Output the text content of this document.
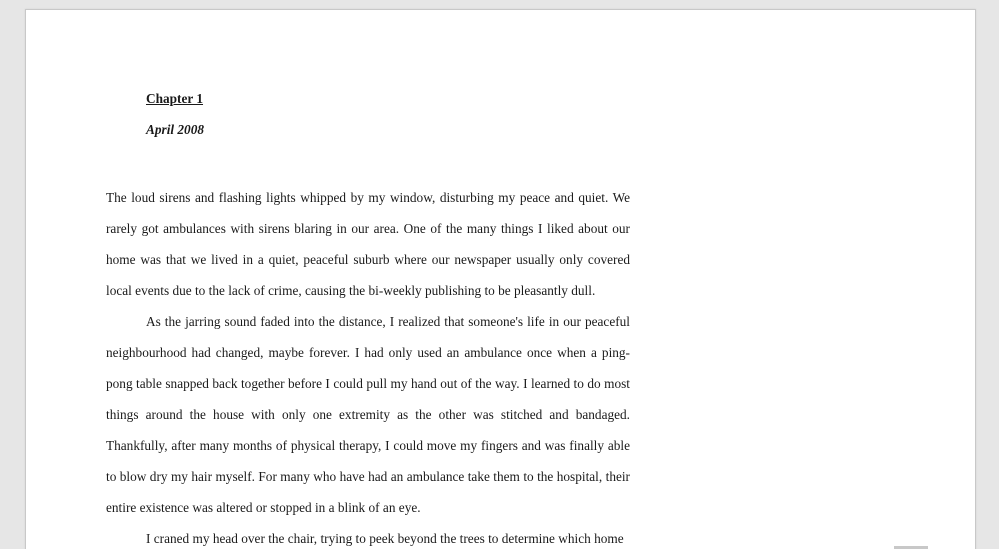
Chapter 1

April 2008

The loud sirens and flashing lights whipped by my window, disturbing my peace and quiet. We rarely got ambulances with sirens blaring in our area. One of the many things I liked about our home was that we lived in a quiet, peaceful suburb where our newspaper usually only covered local events due to the lack of crime, causing the bi-weekly publishing to be pleasantly dull.

As the jarring sound faded into the distance, I realized that someone's life in our peaceful neighbourhood had changed, maybe forever. I had only used an ambulance once when a ping-pong table snapped back together before I could pull my hand out of the way. I learned to do most things around the house with only one extremity as the other was stitched and bandaged. Thankfully, after many months of physical therapy, I could move my fingers and was finally able to blow dry my hair myself. For many who have had an ambulance take them to the hospital, their entire existence was altered or stopped in a blink of an eye.

I craned my head over the chair, trying to peek beyond the trees to determine which home
